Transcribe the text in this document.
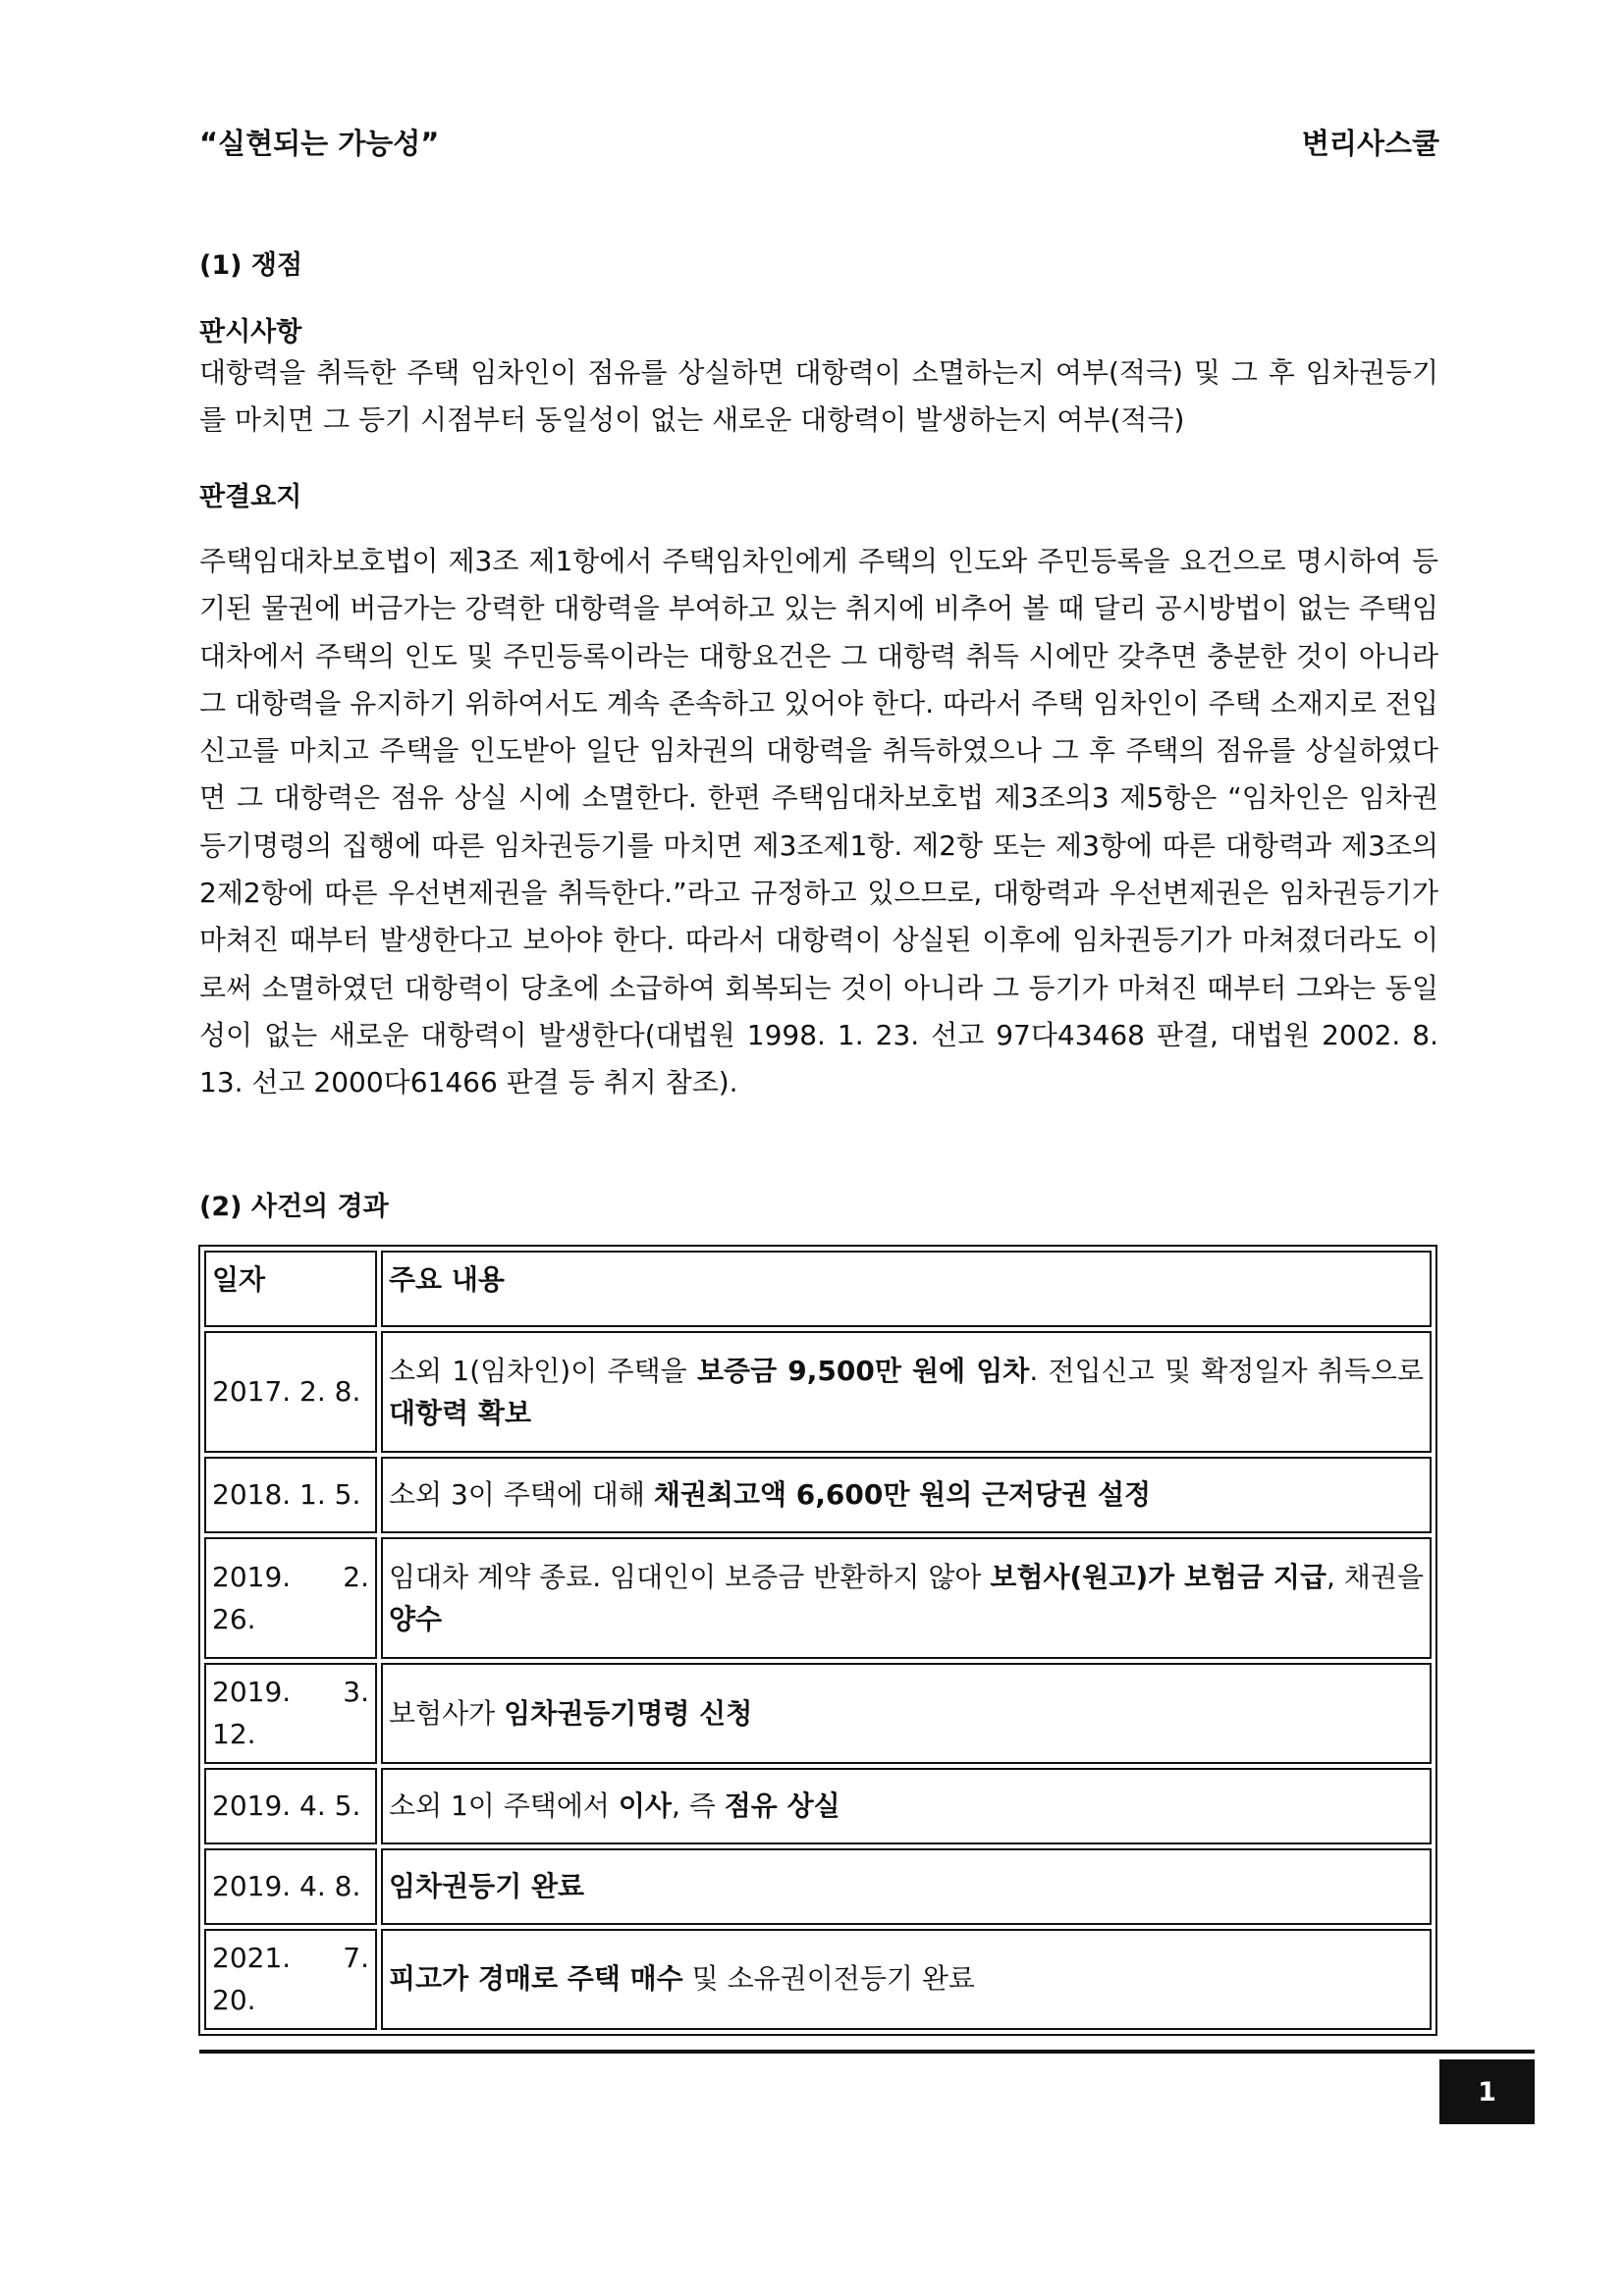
“실현되는 가능성”	변리사스쿨
(1) 쟁점
판시사항

대항력을 취득한 주택 임차인이 점유를 상실하면 대항력이 소멸하는지 여부(적극) 및 그 후 임차권등기를 마치면 그 등기 시점부터 동일성이 없는 새로운 대항력이 발생하는지 여부(적극)

판결요지

주택임대차보호법이 제3조 제1항에서 주택임차인에게 주택의 인도와 주민등록을 요건으로 명시하여 등기된 물권에 버금가는 강력한 대항력을 부여하고 있는 취지에 비추어 볼 때 달리 공시방법이 없는 주택임대차에서 주택의 인도 및 주민등록이라는 대항요건은 그 대항력 취득 시에만 갖추면 충분한 것이 아니라 그 대항력을 유지하기 위하여서도 계속 존속하고 있어야 한다. 따라서 주택 임차인이 주택 소재지로 전입신고를 마치고 주택을 인도받아 일단 임차권의 대항력을 취득하였으나 그 후 주택의 점유를 상실하였다면 그 대항력은 점유 상실 시에 소멸한다. 한편 주택임대차보호법 제3조의3 제5항은 “임차인은 임차권등기명령의 집행에 따른 임차권등기를 마치면 제3조제1항. 제2항 또는 제3항에 따른 대항력과 제3조의2제2항에 따른 우선변제권을 취득한다.”라고 규정하고 있으므로, 대항력과 우선변제권은 임차권등기가 마쳐진 때부터 발생한다고 보아야 한다. 따라서 대항력이 상실된 이후에 임차권등기가 마쳐졌더라도 이로써 소멸하였던 대항력이 당초에 소급하여 회복되는 것이 아니라 그 등기가 마쳐진 때부터 그와는 동일성이 없는 새로운 대항력이 발생한다(대법원 1998. 1. 23. 선고 97다43468 판결, 대법원 2002. 8. 13. 선고 2000다61466 판결 등 취지 참조).

(2) 사건의 경과
일자	주요 내용
2017. 2. 8.	소외 1(임차인)이 주택을 보증금 9,500만 원에 임차. 전입신고 및 확정일자 취득으로 대항력 확보
2018. 1. 5.	소외 3이 주택에 대해 채권최고액 6,600만 원의 근저당권 설정
2019. 2. 26.	임대차 계약 종료. 임대인이 보증금 반환하지 않아 보험사(원고)가 보험금 지급, 채권을 양수
2019. 3. 12.	보험사가 임차권등기명령 신청
2019. 4. 5.	소외 1이 주택에서 이사, 즉 점유 상실
2019. 4. 8.	임차권등기 완료
2021. 7. 20.	피고가 경매로 주택 매수 및 소유권이전등기 완료
1
